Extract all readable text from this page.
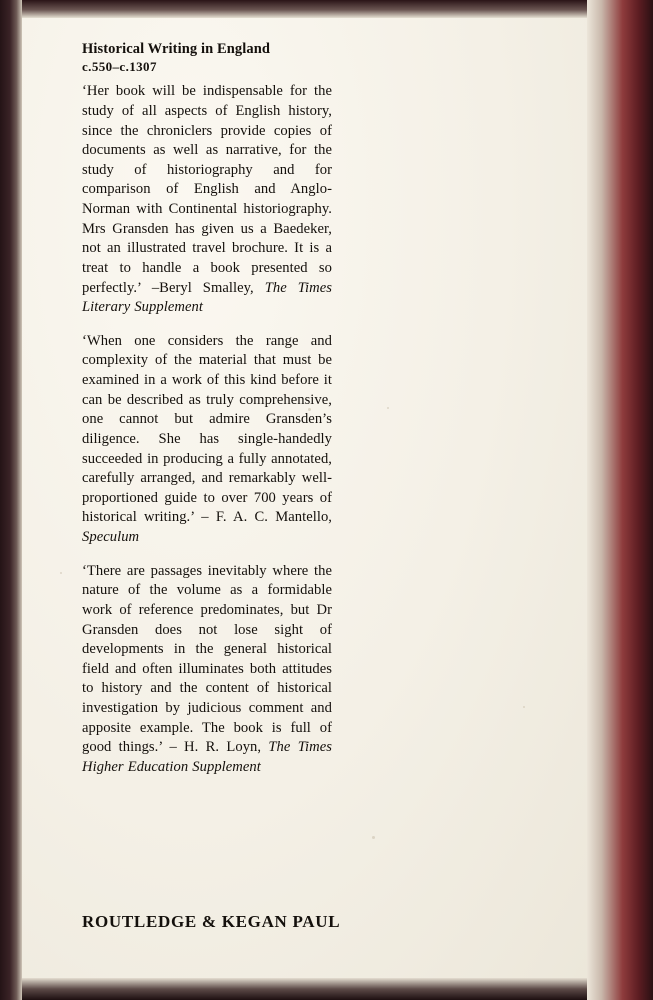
Historical Writing in England
c.550–c.1307

‘Her book will be indispensable for the study of all aspects of English history, since the chroniclers provide copies of documents as well as narrative, for the study of historiography and for comparison of English and Anglo-Norman with Continental historiography. Mrs Gransden has given us a Baedeker, not an illustrated travel brochure. It is a treat to handle a book presented so perfectly.’ –Beryl Smalley, The Times Literary Supplement

‘When one considers the range and complexity of the material that must be examined in a work of this kind before it can be described as truly comprehensive, one cannot but admire Gransden’s diligence. She has single-handedly succeeded in producing a fully annotated, carefully arranged, and remarkably well-proportioned guide to over 700 years of historical writing.’ – F. A. C. Mantello, Speculum

‘There are passages inevitably where the nature of the volume as a formidable work of reference predominates, but Dr Gransden does not lose sight of developments in the general historical field and often illuminates both attitudes to history and the content of historical investigation by judicious comment and apposite example. The book is full of good things.’ – H. R. Loyn, The Times Higher Education Supplement

ROUTLEDGE & KEGAN PAUL
